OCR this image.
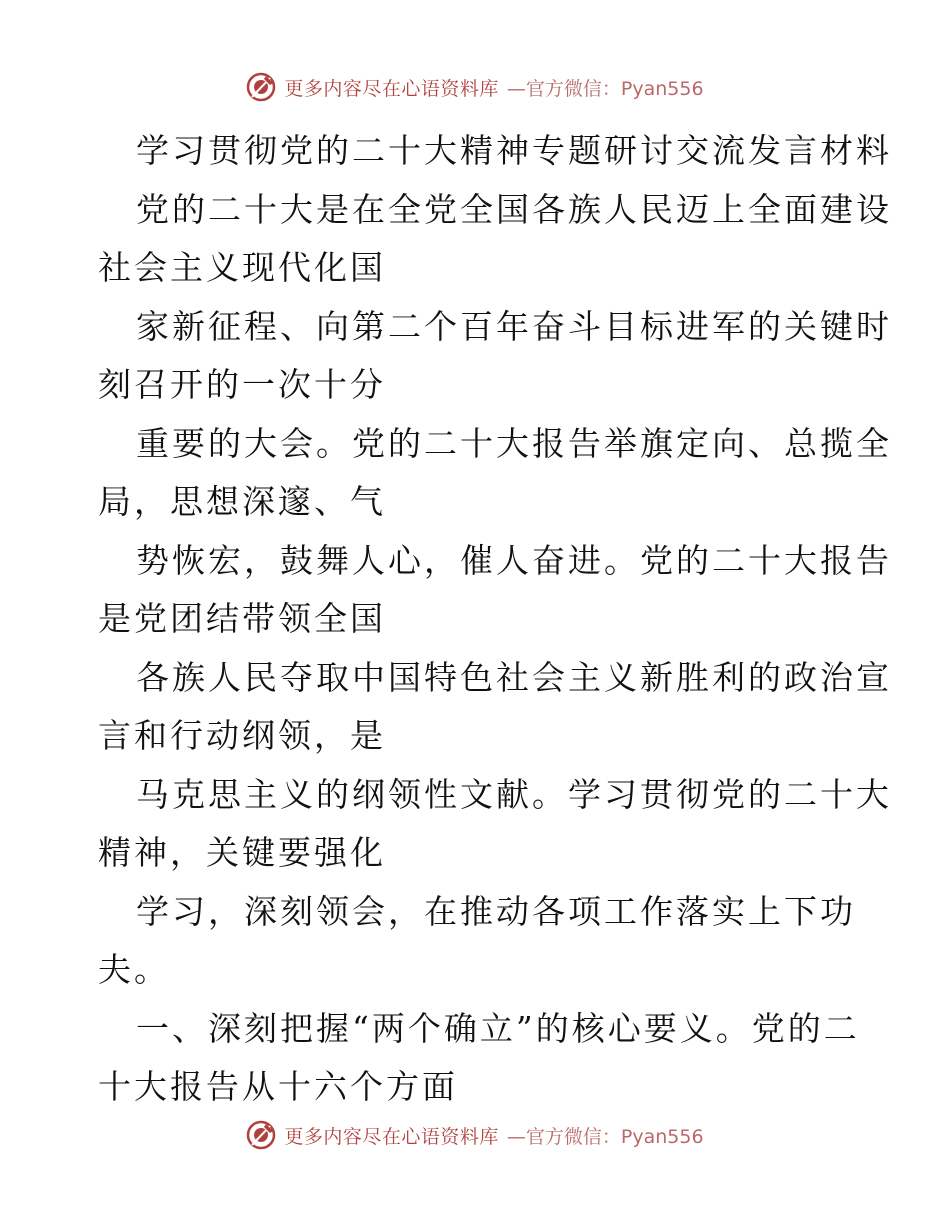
更多内容尽在心语资料库 —官方微信：Pyan556
学习贯彻党的二十大精神专题研讨交流发言材料
党的二十大是在全党全国各族人民迈上全面建设
社会主义现代化国
家新征程、向第二个百年奋斗目标进军的关键时
刻召开的一次十分
重要的大会。党的二十大报告举旗定向、总揽全
局，思想深邃、气
势恢宏，鼓舞人心，催人奋进。党的二十大报告
是党团结带领全国
各族人民夺取中国特色社会主义新胜利的政治宣
言和行动纲领，是
马克思主义的纲领性文献。学习贯彻党的二十大
精神，关键要强化
学习，深刻领会，在推动各项工作落实上下功
夫。
一、深刻把握“两个确立”的核心要义。党的二
十大报告从十六个方面
更多内容尽在心语资料库 —官方微信：Pyan556
